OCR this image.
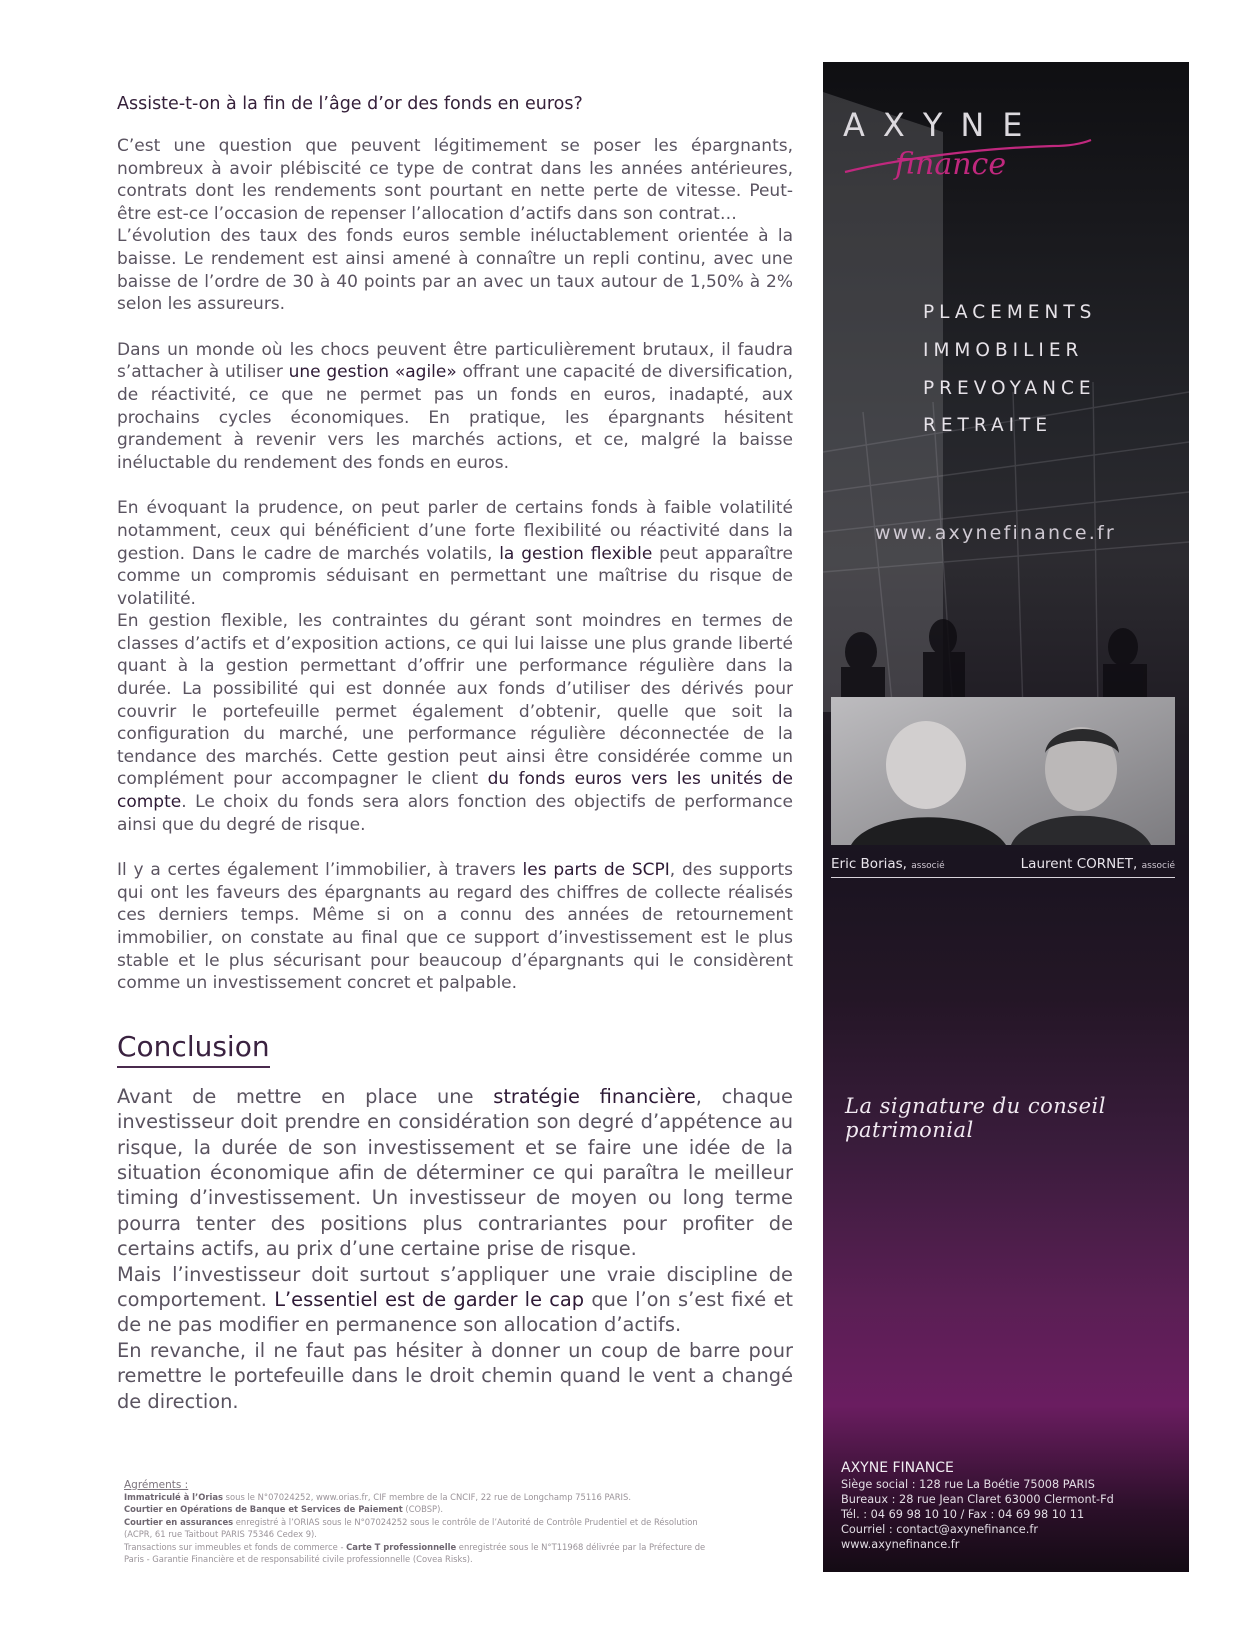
Assiste-t-on à la fin de l’âge d’or des fonds en euros?

C’est une question que peuvent légitimement se poser les épargnants, nombreux à avoir plébiscité ce type de contrat dans les années antérieures, contrats dont les rendements sont pourtant en nette perte de vitesse. Peut-être est-ce l’occasion de repenser l’allocation d’actifs dans son contrat…

L’évolution des taux des fonds euros semble inéluctablement orientée à la baisse. Le rendement est ainsi amené à connaître un repli continu, avec une baisse de l’ordre de 30 à 40 points par an avec un taux autour de 1,50% à 2% selon les assureurs.

Dans un monde où les chocs peuvent être particulièrement brutaux, il faudra s’attacher à utiliser une gestion «agile» offrant une capacité de diversification, de réactivité, ce que ne permet pas un fonds en euros, inadapté, aux prochains cycles économiques. En pratique, les épargnants hésitent grandement à revenir vers les marchés actions, et ce, malgré la baisse inéluctable du rendement des fonds en euros.

En évoquant la prudence, on peut parler de certains fonds à faible volatilité notamment, ceux qui bénéficient d’une forte flexibilité ou réactivité dans la gestion. Dans le cadre de marchés volatils, la gestion flexible peut apparaître comme un compromis séduisant en permettant une maîtrise du risque de volatilité.

En gestion flexible, les contraintes du gérant sont moindres en termes de classes d’actifs et d’exposition actions, ce qui lui laisse une plus grande liberté quant à la gestion permettant d’offrir une performance régulière dans la durée. La possibilité qui est donnée aux fonds d’utiliser des dérivés pour couvrir le portefeuille permet également d’obtenir, quelle que soit la configuration du marché, une performance régulière déconnectée de la tendance des marchés. Cette gestion peut ainsi être considérée comme un complément pour accompagner le client du fonds euros vers les unités de compte. Le choix du fonds sera alors fonction des objectifs de performance ainsi que du degré de risque.

Il y a certes également l’immobilier, à travers les parts de SCPI, des supports qui ont les faveurs des épargnants au regard des chiffres de collecte réalisés ces derniers temps. Même si on a connu des années de retournement immobilier, on constate au final que ce support d’investissement est le plus stable et le plus sécurisant pour beaucoup d’épargnants qui le considèrent comme un investissement concret et palpable.
Conclusion

Avant de mettre en place une stratégie financière, chaque investisseur doit prendre en considération son degré d’appétence au risque, la durée de son investissement et se faire une idée de la situation économique afin de déterminer ce qui paraîtra le meilleur timing d’investissement. Un investisseur de moyen ou long terme pourra tenter des positions plus contrariantes pour profiter de certains actifs, au prix d’une certaine prise de risque.

Mais l’investisseur doit surtout s’appliquer une vraie discipline de comportement. L’essentiel est de garder le cap que l’on s’est fixé et de ne pas modifier en permanence son allocation d’actifs.

En revanche, il ne faut pas hésiter à donner un coup de barre pour remettre le portefeuille dans le droit chemin quand le vent a changé de direction.

Agréments :
Immatriculé à l’Orias sous le N°07024252, www.orias.fr, CIF membre de la CNCIF, 22 rue de Longchamp 75116 PARIS.
Courtier en Opérations de Banque et Services de Paiement (COBSP).
Courtier en assurances enregistré à l’ORIAS sous le N°07024252 sous le contrôle de l’Autorité de Contrôle Prudentiel et de Résolution (ACPR, 61 rue Taitbout PARIS 75346 Cedex 9).
Transactions sur immeubles et fonds de commerce - Carte T professionnelle enregistrée sous le N°T11968 délivrée par la Préfecture de Paris - Garantie Financière et de responsabilité civile professionnelle (Covea Risks).
AXYNE
finance
PLACEMENTS
IMMOBILIER
PREVOYANCE
RETRAITE
www.axynefinance.fr
Eric Borias, associé	Laurent CORNET, associé
La signature du conseil patrimonial
AXYNE FINANCE
Siège social : 128 rue La Boétie 75008 PARIS
Bureaux : 28 rue Jean Claret 63000 Clermont-Fd
Tél. : 04 69 98 10 10 / Fax : 04 69 98 10 11
Courriel : contact@axynefinance.fr
www.axynefinance.fr
